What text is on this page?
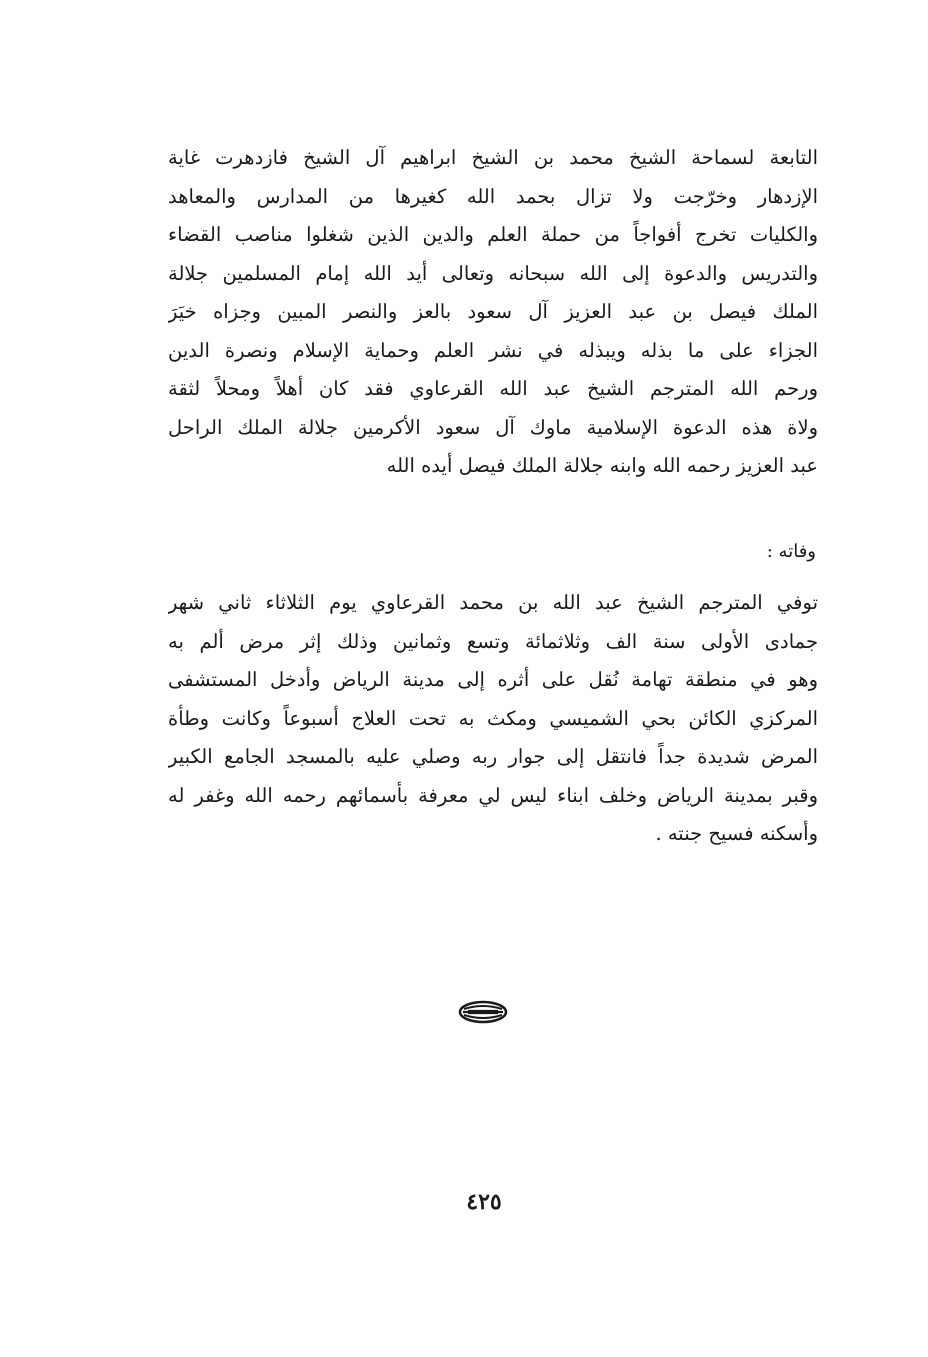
التابعة لسماحة الشيخ محمد بن الشيخ ابراهيم آل الشيخ فازدهرت غاية
الإزدهار وخرّجت ولا تزال بحمد الله كغيرها من المدارس والمعاهد
والكليات تخرج أفواجاً من حملة العلم والدين الذين شغلوا مناصب القضاء
والتدريس والدعوة إلى الله سبحانه وتعالى أيد الله إمام المسلمين جلالة
الملك فيصل بن عبد العزيز آل سعود بالعز والنصر المبين وجزاه خيَرَ
الجزاء على ما بذله ويبذله في نشر العلم وحماية الإسلام ونصرة الدين
ورحم الله المترجم الشيخ عبد الله القرعاوي فقد كان أهلاً ومحلاً لثقة
ولاة هذه الدعوة الإسلامية ماوك آل سعود الأكرمين جلالة الملك الراحل
عبد العزيز رحمه الله وابنه جلالة الملك فيصل أيده الله
وفاته :
توفي المترجم الشيخ عبد الله بن محمد القرعاوي يوم الثلاثاء ثاني شهر
جمادى الأولى سنة الف وثلاثمائة وتسع وثمانين وذلك إثر مرض ألم به
وهو في منطقة تهامة نُقل على أثره إلى مدينة الرياض وأدخل المستشفى
المركزي الكائن بحي الشميسي ومكث به تحت العلاج أسبوعاً وكانت وطأة
المرض شديدة جداً فانتقل إلى جوار ربه وصلي عليه بالمسجد الجامع الكبير
وقبر بمدينة الرياض وخلف ابناء ليس لي معرفة بأسمائهم رحمه الله وغفر له
وأسكنه فسيح جنته .
٤٢٥
